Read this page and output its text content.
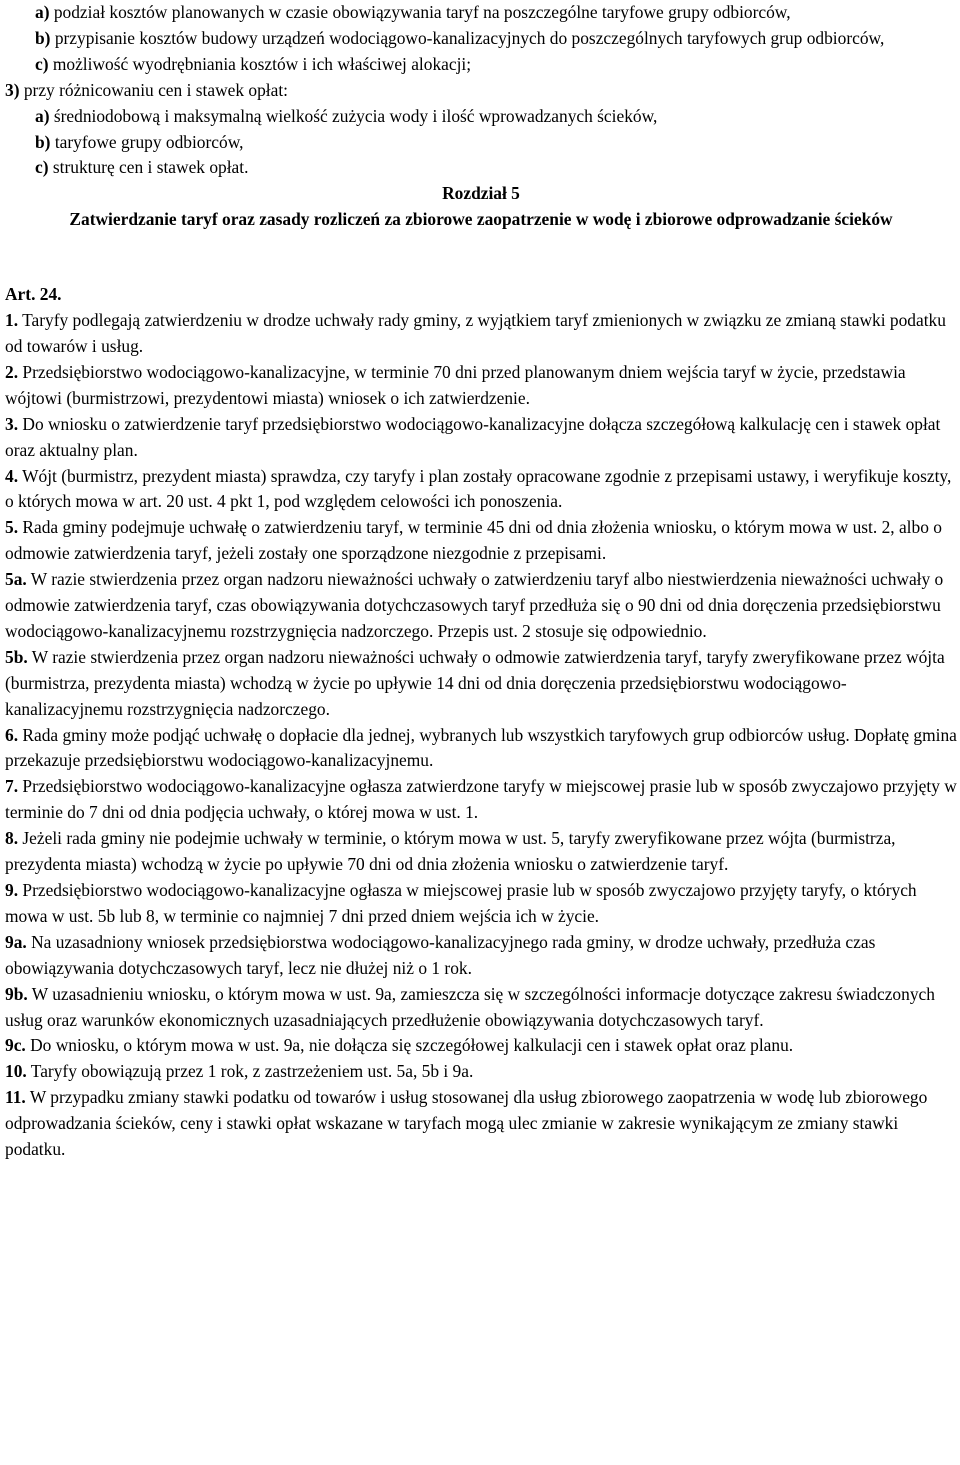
a) podział kosztów planowanych w czasie obowiązywania taryf na poszczególne taryfowe grupy odbiorców,

b) przypisanie kosztów budowy urządzeń wodociągowo-kanalizacyjnych do poszczególnych taryfowych grup odbiorców,

c) możliwość wyodrębniania kosztów i ich właściwej alokacji;

3) przy różnicowaniu cen i stawek opłat:

a) średniodobową i maksymalną wielkość zużycia wody i ilość wprowadzanych ścieków,

b) taryfowe grupy odbiorców,

c) strukturę cen i stawek opłat.

Rozdział 5
Zatwierdzanie taryf oraz zasady rozliczeń za zbiorowe zaopatrzenie w wodę i zbiorowe odprowadzanie ścieków
Art. 24.

1. Taryfy podlegają zatwierdzeniu w drodze uchwały rady gminy, z wyjątkiem taryf zmienionych w związku ze zmianą stawki podatku od towarów i usług.

2. Przedsiębiorstwo wodociągowo-kanalizacyjne, w terminie 70 dni przed planowanym dniem wejścia taryf w życie, przedstawia wójtowi (burmistrzowi, prezydentowi miasta) wniosek o ich zatwierdzenie.

3. Do wniosku o zatwierdzenie taryf przedsiębiorstwo wodociągowo-kanalizacyjne dołącza szczegółową kalkulację cen i stawek opłat oraz aktualny plan.

4. Wójt (burmistrz, prezydent miasta) sprawdza, czy taryfy i plan zostały opracowane zgodnie z przepisami ustawy, i weryfikuje koszty, o których mowa w art. 20 ust. 4 pkt 1, pod względem celowości ich ponoszenia.

5. Rada gminy podejmuje uchwałę o zatwierdzeniu taryf, w terminie 45 dni od dnia złożenia wniosku, o którym mowa w ust. 2, albo o odmowie zatwierdzenia taryf, jeżeli zostały one sporządzone niezgodnie z przepisami.

5a. W razie stwierdzenia przez organ nadzoru nieważności uchwały o zatwierdzeniu taryf albo niestwierdzenia nieważności uchwały o odmowie zatwierdzenia taryf, czas obowiązywania dotychczasowych taryf przedłuża się o 90 dni od dnia doręczenia przedsiębiorstwu wodociągowo-kanalizacyjnemu rozstrzygnięcia nadzorczego. Przepis ust. 2 stosuje się odpowiednio.

5b. W razie stwierdzenia przez organ nadzoru nieważności uchwały o odmowie zatwierdzenia taryf, taryfy zweryfikowane przez wójta (burmistrza, prezydenta miasta) wchodzą w życie po upływie 14 dni od dnia doręczenia przedsiębiorstwu wodociągowo-kanalizacyjnemu rozstrzygnięcia nadzorczego.

6. Rada gminy może podjąć uchwałę o dopłacie dla jednej, wybranych lub wszystkich taryfowych grup odbiorców usług. Dopłatę gmina przekazuje przedsiębiorstwu wodociągowo-kanalizacyjnemu.

7. Przedsiębiorstwo wodociągowo-kanalizacyjne ogłasza zatwierdzone taryfy w miejscowej prasie lub w sposób zwyczajowo przyjęty w terminie do 7 dni od dnia podjęcia uchwały, o której mowa w ust. 1.

8. Jeżeli rada gminy nie podejmie uchwały w terminie, o którym mowa w ust. 5, taryfy zweryfikowane przez wójta (burmistrza, prezydenta miasta) wchodzą w życie po upływie 70 dni od dnia złożenia wniosku o zatwierdzenie taryf.

9. Przedsiębiorstwo wodociągowo-kanalizacyjne ogłasza w miejscowej prasie lub w sposób zwyczajowo przyjęty taryfy, o których mowa w ust. 5b lub 8, w terminie co najmniej 7 dni przed dniem wejścia ich w życie.

9a. Na uzasadniony wniosek przedsiębiorstwa wodociągowo-kanalizacyjnego rada gminy, w drodze uchwały, przedłuża czas obowiązywania dotychczasowych taryf, lecz nie dłużej niż o 1 rok.

9b. W uzasadnieniu wniosku, o którym mowa w ust. 9a, zamieszcza się w szczególności informacje dotyczące zakresu świadczonych usług oraz warunków ekonomicznych uzasadniających przedłużenie obowiązywania dotychczasowych taryf.

9c. Do wniosku, o którym mowa w ust. 9a, nie dołącza się szczegółowej kalkulacji cen i stawek opłat oraz planu.

10. Taryfy obowiązują przez 1 rok, z zastrzeżeniem ust. 5a, 5b i 9a.

11. W przypadku zmiany stawki podatku od towarów i usług stosowanej dla usług zbiorowego zaopatrzenia w wodę lub zbiorowego odprowadzania ścieków, ceny i stawki opłat wskazane w taryfach mogą ulec zmianie w zakresie wynikającym ze zmiany stawki podatku.
